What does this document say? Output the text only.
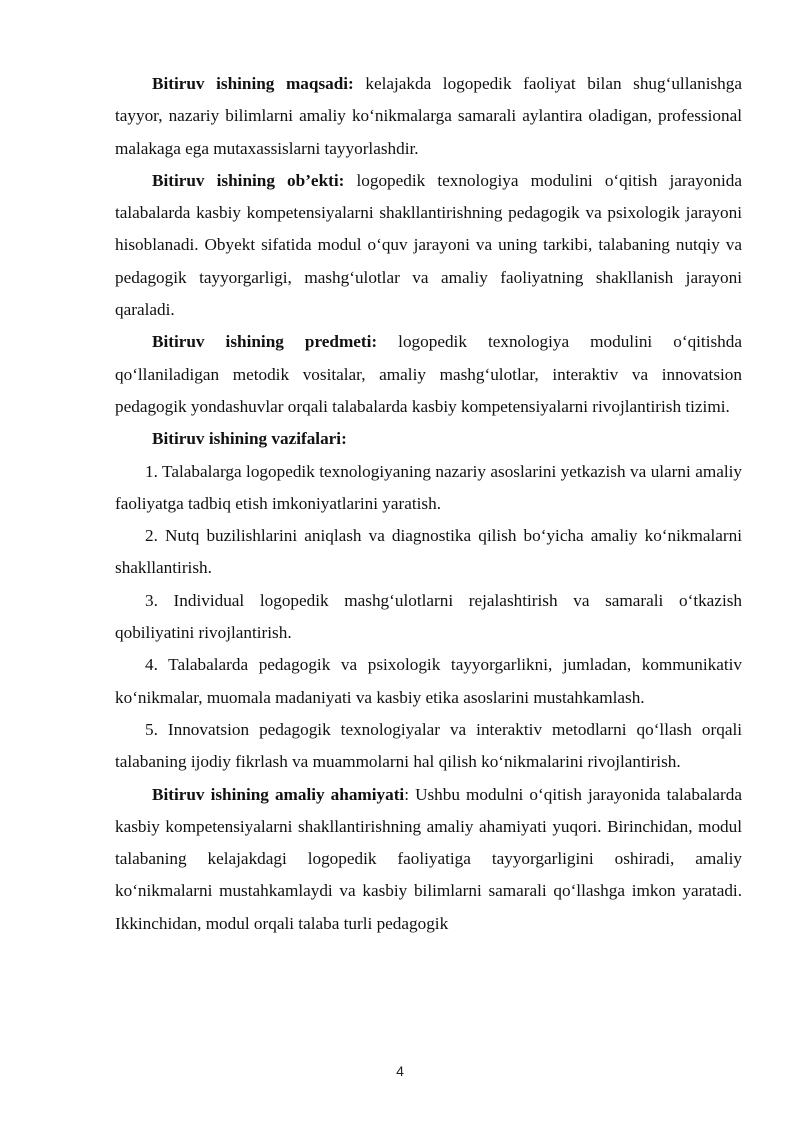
Bitiruv ishining maqsadi: kelajakda logopedik faoliyat bilan shug‘ullanishga tayyor, nazariy bilimlarni amaliy ko‘nikmalarga samarali aylantira oladigan, professional malakaga ega mutaxassislarni tayyorlashdir.

Bitiruv ishining ob’ekti: logopedik texnologiya modulini o‘qitish jarayonida talabalarda kasbiy kompetensiyalarni shakllantirishning pedagogik va psixologik jarayoni hisoblanadi. Obyekt sifatida modul o‘quv jarayoni va uning tarkibi, talabaning nutqiy va pedagogik tayyorgarligi, mashg‘ulotlar va amaliy faoliyatning shakllanish jarayoni qaraladi.

Bitiruv ishining predmeti: logopedik texnologiya modulini o‘qitishda qo‘llaniladigan metodik vositalar, amaliy mashg‘ulotlar, interaktiv va innovatsion pedagogik yondashuvlar orqali talabalarda kasbiy kompetensiyalarni rivojlantirish tizimi.

Bitiruv ishining vazifalari:

1. Talabalarga logopedik texnologiyaning nazariy asoslarini yetkazish va ularni amaliy faoliyatga tadbiq etish imkoniyatlarini yaratish.

2. Nutq buzilishlarini aniqlash va diagnostika qilish bo‘yicha amaliy ko‘nikmalarni shakllantirish.

3. Individual logopedik mashg‘ulotlarni rejalashtirish va samarali o‘tkazish qobiliyatini rivojlantirish.

4. Talabalarda pedagogik va psixologik tayyorgarlikni, jumladan, kommunikativ ko‘nikmalar, muomala madaniyati va kasbiy etika asoslarini mustahkamlash.

5. Innovatsion pedagogik texnologiyalar va interaktiv metodlarni qo‘llash orqali talabaning ijodiy fikrlash va muammolarni hal qilish ko‘nikmalarini rivojlantirish.

Bitiruv ishining amaliy ahamiyati: Ushbu modulni o‘qitish jarayonida talabalarda kasbiy kompetensiyalarni shakllantirishning amaliy ahamiyati yuqori. Birinchidan, modul talabaning kelajakdagi logopedik faoliyatiga tayyorgarligini oshiradi, amaliy ko‘nikmalarni mustahkamlaydi va kasbiy bilimlarni samarali qo‘llashga imkon yaratadi. Ikkinchidan, modul orqali talaba turli pedagogik

4
